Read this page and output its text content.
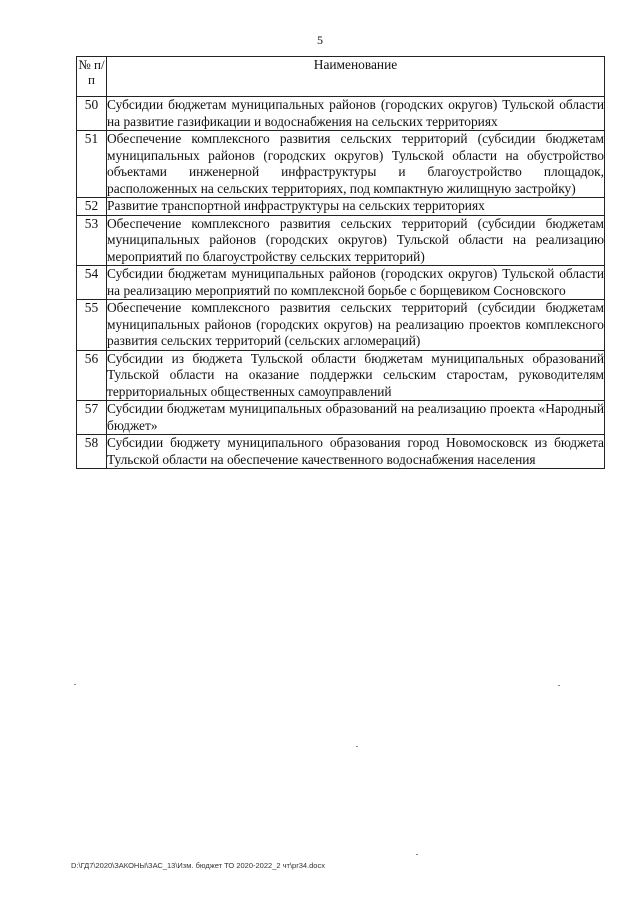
5
№ п/п	Наименование
50	Субсидии бюджетам муниципальных районов (городских округов) Тульской области на развитие газификации и водоснабжения на сельских территориях
51	Обеспечение комплексного развития сельских территорий (субсидии бюджетам муниципальных районов (городских округов) Тульской области на обустройство объектами инженерной инфраструктуры и благоустройство площадок, расположенных на сельских территориях, под компактную жилищную застройку)
52	Развитие транспортной инфраструктуры на сельских территориях
53	Обеспечение комплексного развития сельских территорий (субсидии бюджетам муниципальных районов (городских округов) Тульской области на реализацию мероприятий по благоустройству сельских территорий)
54	Субсидии бюджетам муниципальных районов (городских округов) Тульской области на реализацию мероприятий по комплексной борьбе с борщевиком Сосновского
55	Обеспечение комплексного развития сельских территорий (субсидии бюджетам муниципальных районов (городских округов) на реализацию проектов комплексного развития сельских территорий (сельских агломераций)
56	Субсидии из бюджета Тульской области бюджетам муниципальных образований Тульской области на оказание поддержки сельским старостам, руководителям территориальных общественных самоуправлений
57	Субсидии бюджетам муниципальных образований на реализацию проекта «Народный бюджет»
58	Субсидии бюджету муниципального образования город Новомосковск из бюджета Тульской области на обеспечение качественного водоснабжения населения
D:\ГД7\2020\ЗАКОНЫ\ЗАС_13\Изм. бюджет ТО 2020-2022_2 чт\pr34.docx
